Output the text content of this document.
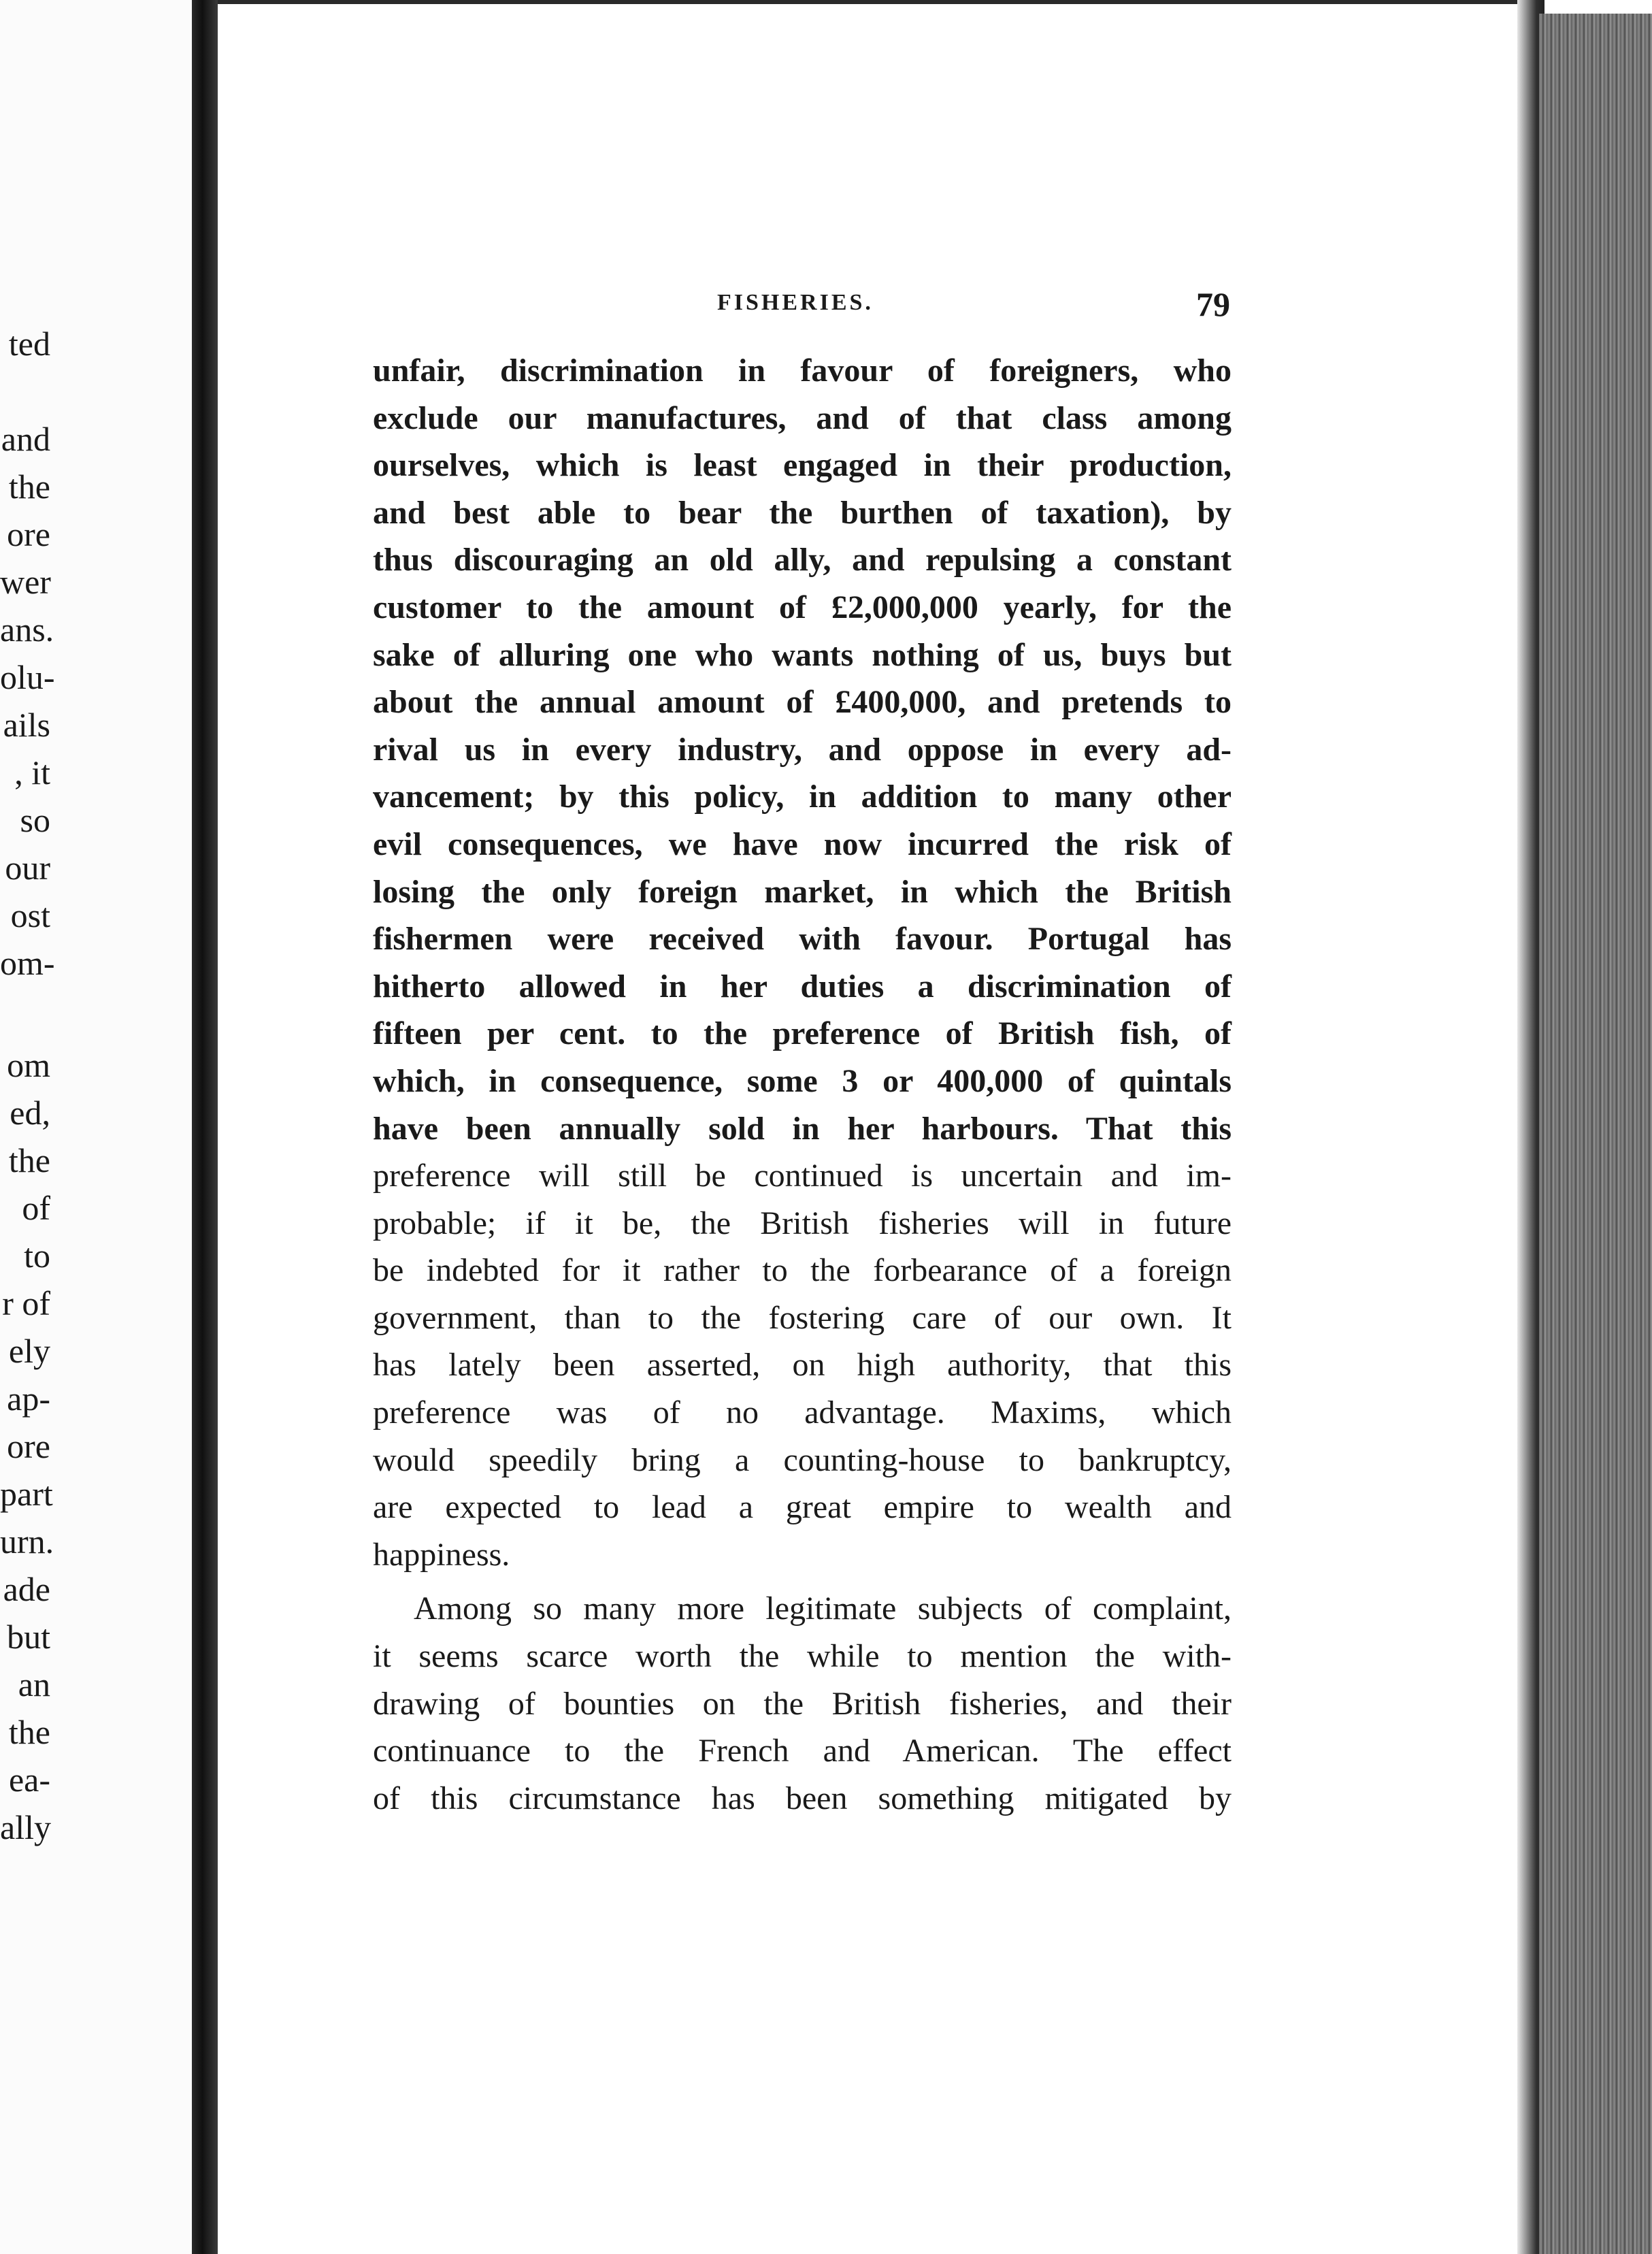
ted
and
the
ore
wer
ans.
olu-
ails
, it
so
our
ost
om-
om
ed,
the
of
to
r of
ely
ap-
ore
part
urn.
ade
but
an
the
ea-
ally
FISHERIES.	79
unfair, discrimination in favour of foreigners, who
exclude our manufactures, and of that class among
ourselves, which is least engaged in their production,
and best able to bear the burthen of taxation), by
thus discouraging an old ally, and repulsing a constant
customer to the amount of £2,000,000 yearly, for the
sake of alluring one who wants nothing of us, buys but
about the annual amount of £400,000, and pretends to
rival us in every industry, and oppose in every ad-
vancement; by this policy, in addition to many other
evil consequences, we have now incurred the risk of
losing the only foreign market, in which the British
fishermen were received with favour. Portugal has
hitherto allowed in her duties a discrimination of
fifteen per cent. to the preference of British fish, of
which, in consequence, some 3 or 400,000 of quintals
have been annually sold in her harbours. That this
preference will still be continued is uncertain and im-
probable; if it be, the British fisheries will in future
be indebted for it rather to the forbearance of a foreign
government, than to the fostering care of our own. It
has lately been asserted, on high authority, that this
preference was of no advantage. Maxims, which
would speedily bring a counting-house to bankruptcy,
are expected to lead a great empire to wealth and
happiness.
Among so many more legitimate subjects of complaint,
it seems scarce worth the while to mention the with-
drawing of bounties on the British fisheries, and their
continuance to the French and American. The effect
of this circumstance has been something mitigated by
